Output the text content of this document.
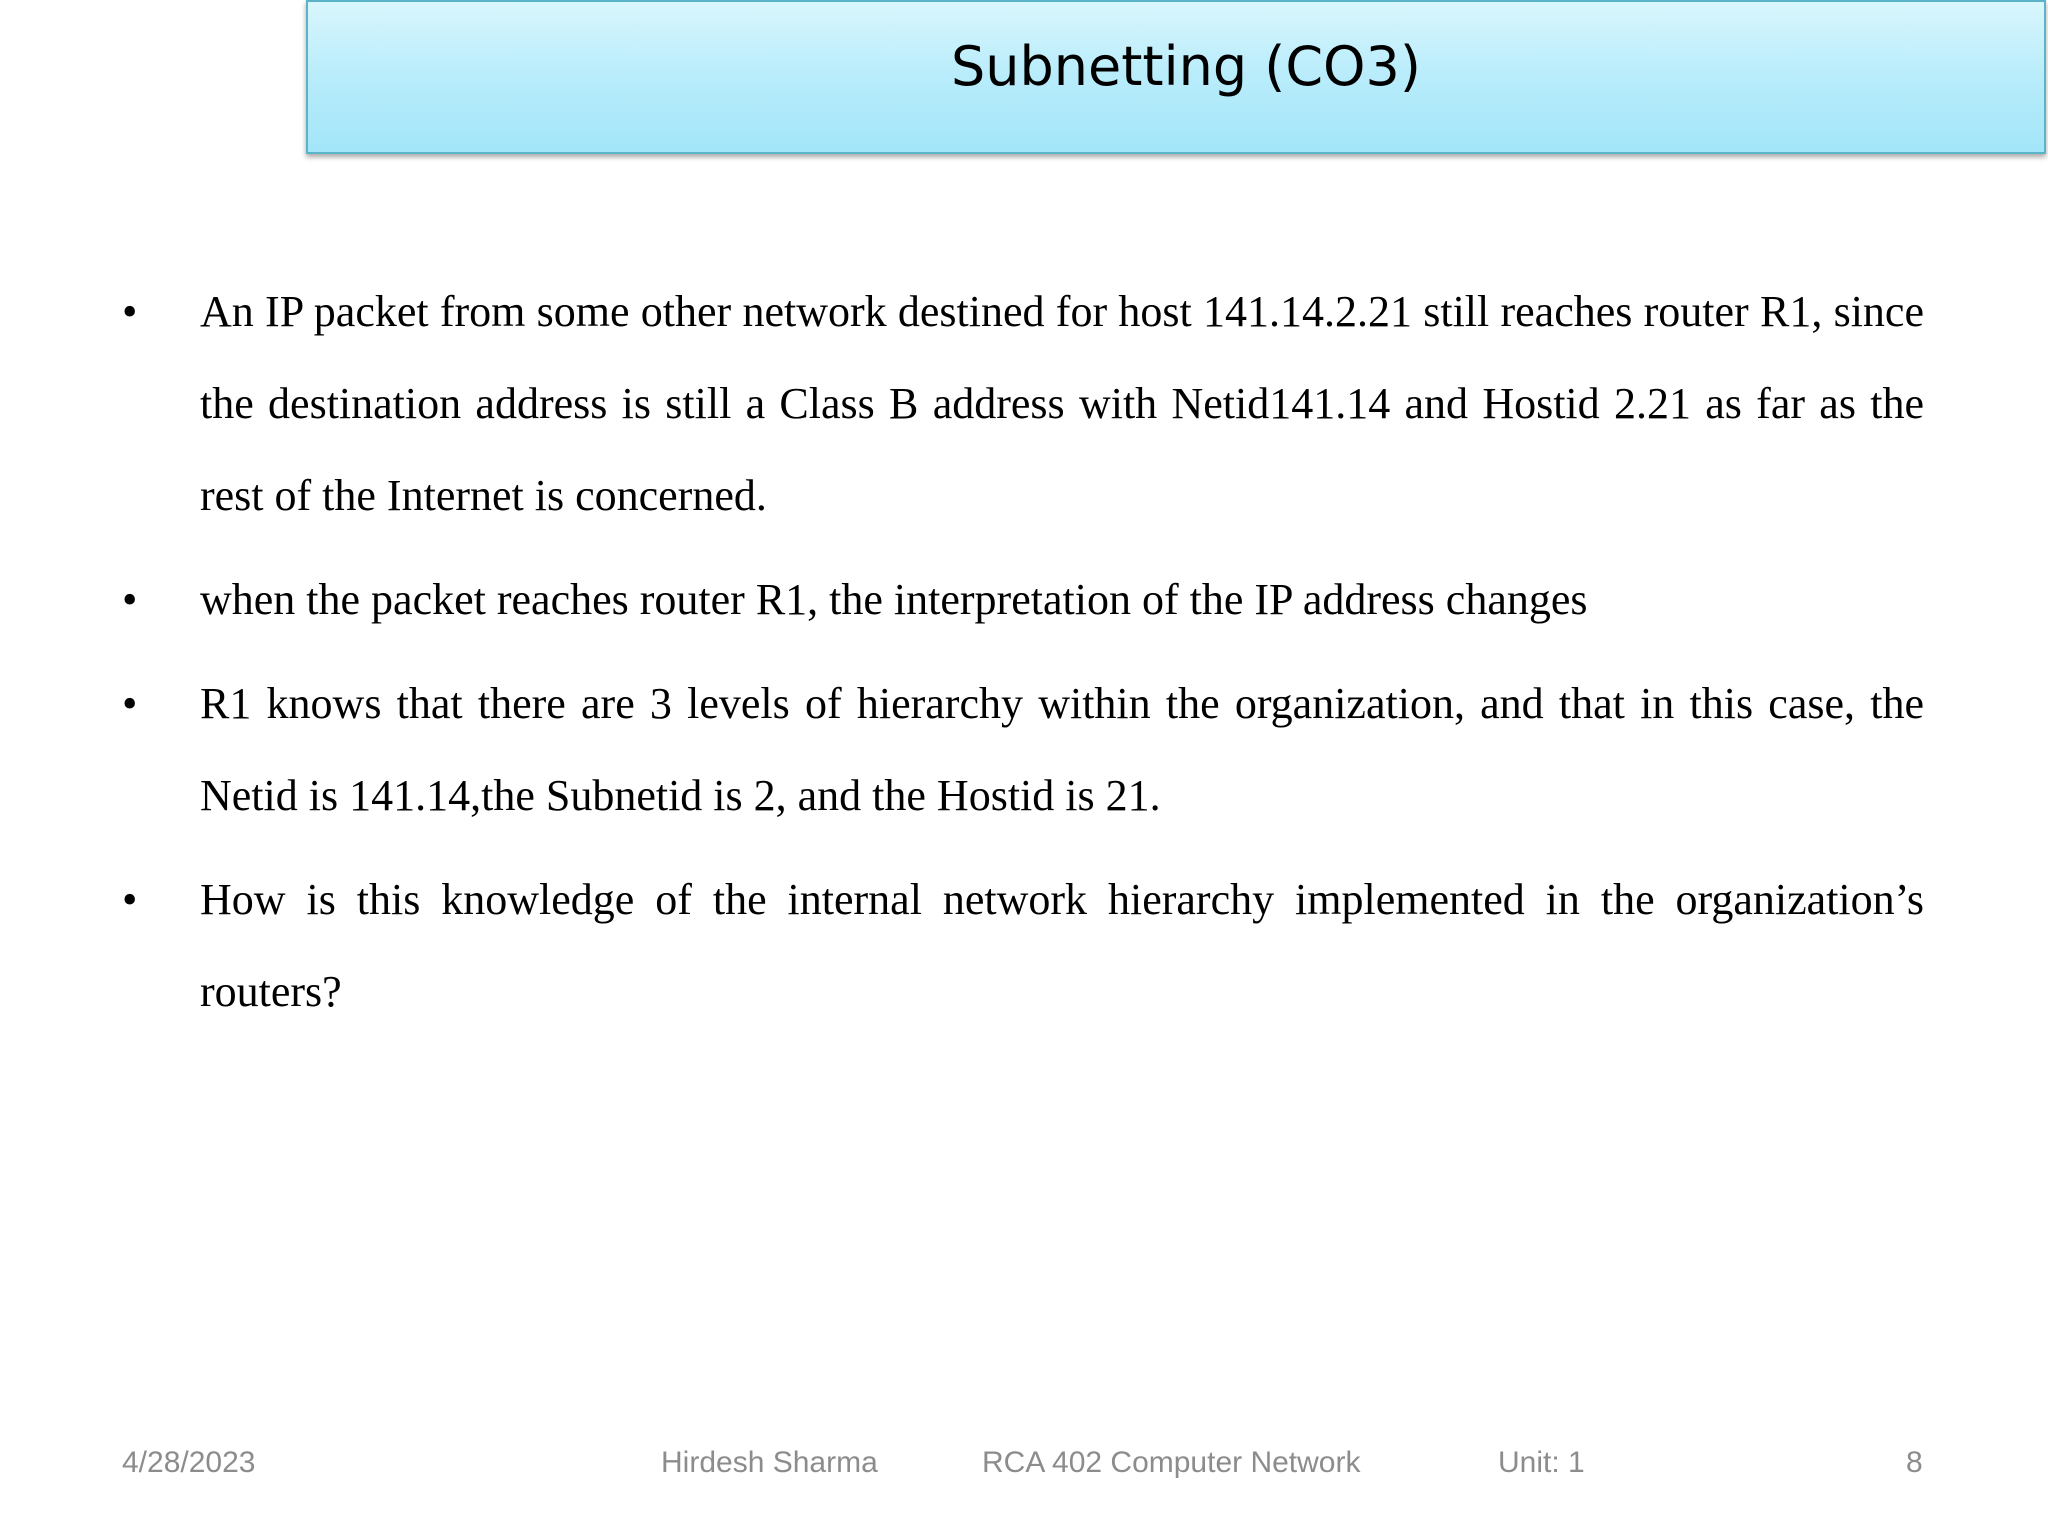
Subnetting (CO3)
• An IP packet from some other network destined for host 141.14.2.21 still reaches router R1, since the destination address is still a Class B address with Netid141.14 and Hostid 2.21 as far as the rest of the Internet is concerned.

• when the packet reaches router R1, the interpretation of the IP address changes

• R1 knows that there are 3 levels of hierarchy within the organization, and that in this case, the Netid is 141.14,the Subnetid is 2, and the Hostid is 21.

• How is this knowledge of the internal network hierarchy implemented in the organization’s routers?

4/28/2023	Hirdesh Sharma	RCA 402 Computer Network	Unit: 1	8
